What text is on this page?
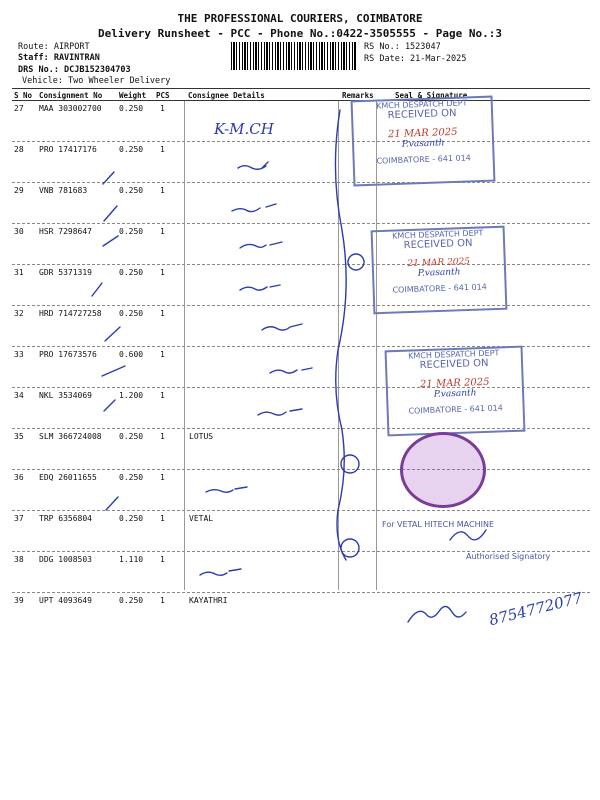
THE PROFESSIONAL COURIERS, COIMBATORE
Delivery Runsheet - PCC - Phone No.:0422-3505555 - Page No.:3
Route: AIRPORT
Staff: RAVINTRAN
DRS No.: DCJB152304703
Vehicle: Two Wheeler Delivery
RS No.: 1523047
RS Date: 21-Mar-2025
S No Consignment No Weight PCS Consignee Details	Remarks	Seal & Signature
27 MAA 303002700 0.250 1
28 PRO 17417176	0.250 1
29 VNB 781683	0.250 1
30 HSR 7298647	0.250 1
31 GDR 5371319	0.250 1
32 HRD 714727258 0.250 1
33 PRO 17673576	0.600 1
34 NKL 3534069	1.200 1
35 SLM 366724008 0.250 1	LOTUS
36 EDQ 26011655	0.250 1
37 TRP 6356804	0.250 1	VETAL
38 DDG 1008503	1.110 1
39 UPT 4093649	0.250 1	KAYATHRI
K-M.CH
8754772077
KMCH DESPATCH DEPT
RECEIVED ON
21 MAR 2025
P.vasanth
COIMBATORE - 641 014
KMCH DESPATCH DEPT
RECEIVED ON
21 MAR 2025
P.vasanth
COIMBATORE - 641 014
KMCH DESPATCH DEPT
RECEIVED ON
21 MAR 2025
P.vasanth
COIMBATORE - 641 014
For VETAL HITECH MACHINE
Authorised Signatory
